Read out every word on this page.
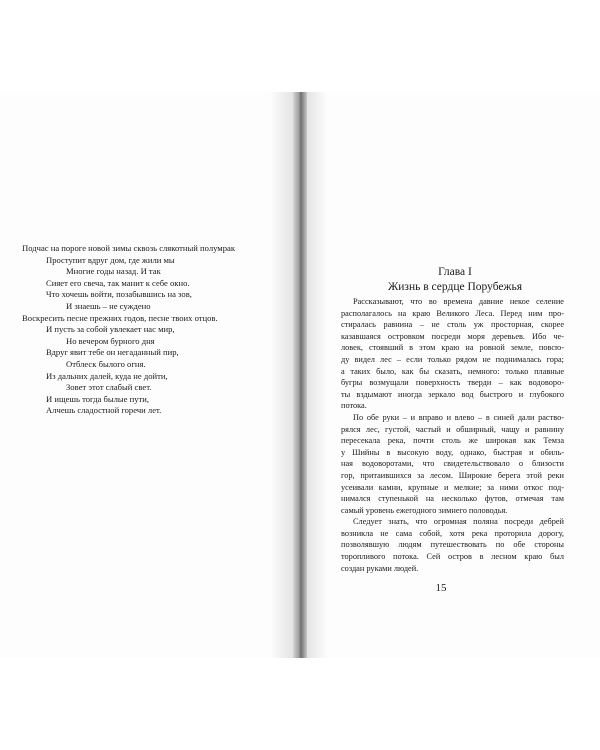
Подчас на пороге новой зимы сквозь слякотный полумрак
Проступит вдруг дом, где жили мы
Многие годы назад. И так
Сияет его свеча, так манит к себе окно.
Что хочешь войти, позабывшись на зов,
И знаешь – не суждено
Воскресить песне прежних годов, песне твоих отцов.
И пусть за собой увлекает нас мир,
Но вечером бурного дня
Вдруг явит тебе он негаданный пир,
Отблеск былого огня.
Из дальних далей, куда не дойти,
Зовет этот слабый свет.
И ищешь тогда былые пути,
Алчешь сладостной горечи лет.
Глава I
Жизнь в сердце Порубежья
Рассказывают, что во времена давние некое селение
располагалось на краю Великого Леса. Перед ним про-
стиралась равнина – не столь уж просторная, скорее
казавшаяся островком посреди моря деревьев. Ибо че-
ловек, стоявший в этом краю на ровной земле, повсю-
ду видел лес – если только рядом не поднималась гора;
а таких было, как бы сказать, немного: только плавные
бугры возмущали поверхность тверди – как водоворо-
ты вздымают иногда зеркало вод быстрого и глубокого
потока.
По обе руки – и вправо и влево – в синей дали раство-
рялся лес, густой, частый и обширный, чащу и равнину
пересекала река, почти столь же широкая как Темза
у Шийны в высокую воду, однако, быстрая и обиль-
ная водоворотами, что свидетельствовало о близости
гор, притаившихся за лесом. Широкие берега этой реки
усеивали камни, крупные и мелкие; за ними откос под-
нимался ступенькой на несколько футов, отмечая там
самый уровень ежегодного зимнего половодья.
Следует знать, что огромная поляна посреди дебрей
возникла не сама собой, хотя река проторила дорогу,
позволявшую людям путешествовать по обе стороны
торопливого потока. Сей остров в лесном краю был
создан руками людей.
15
